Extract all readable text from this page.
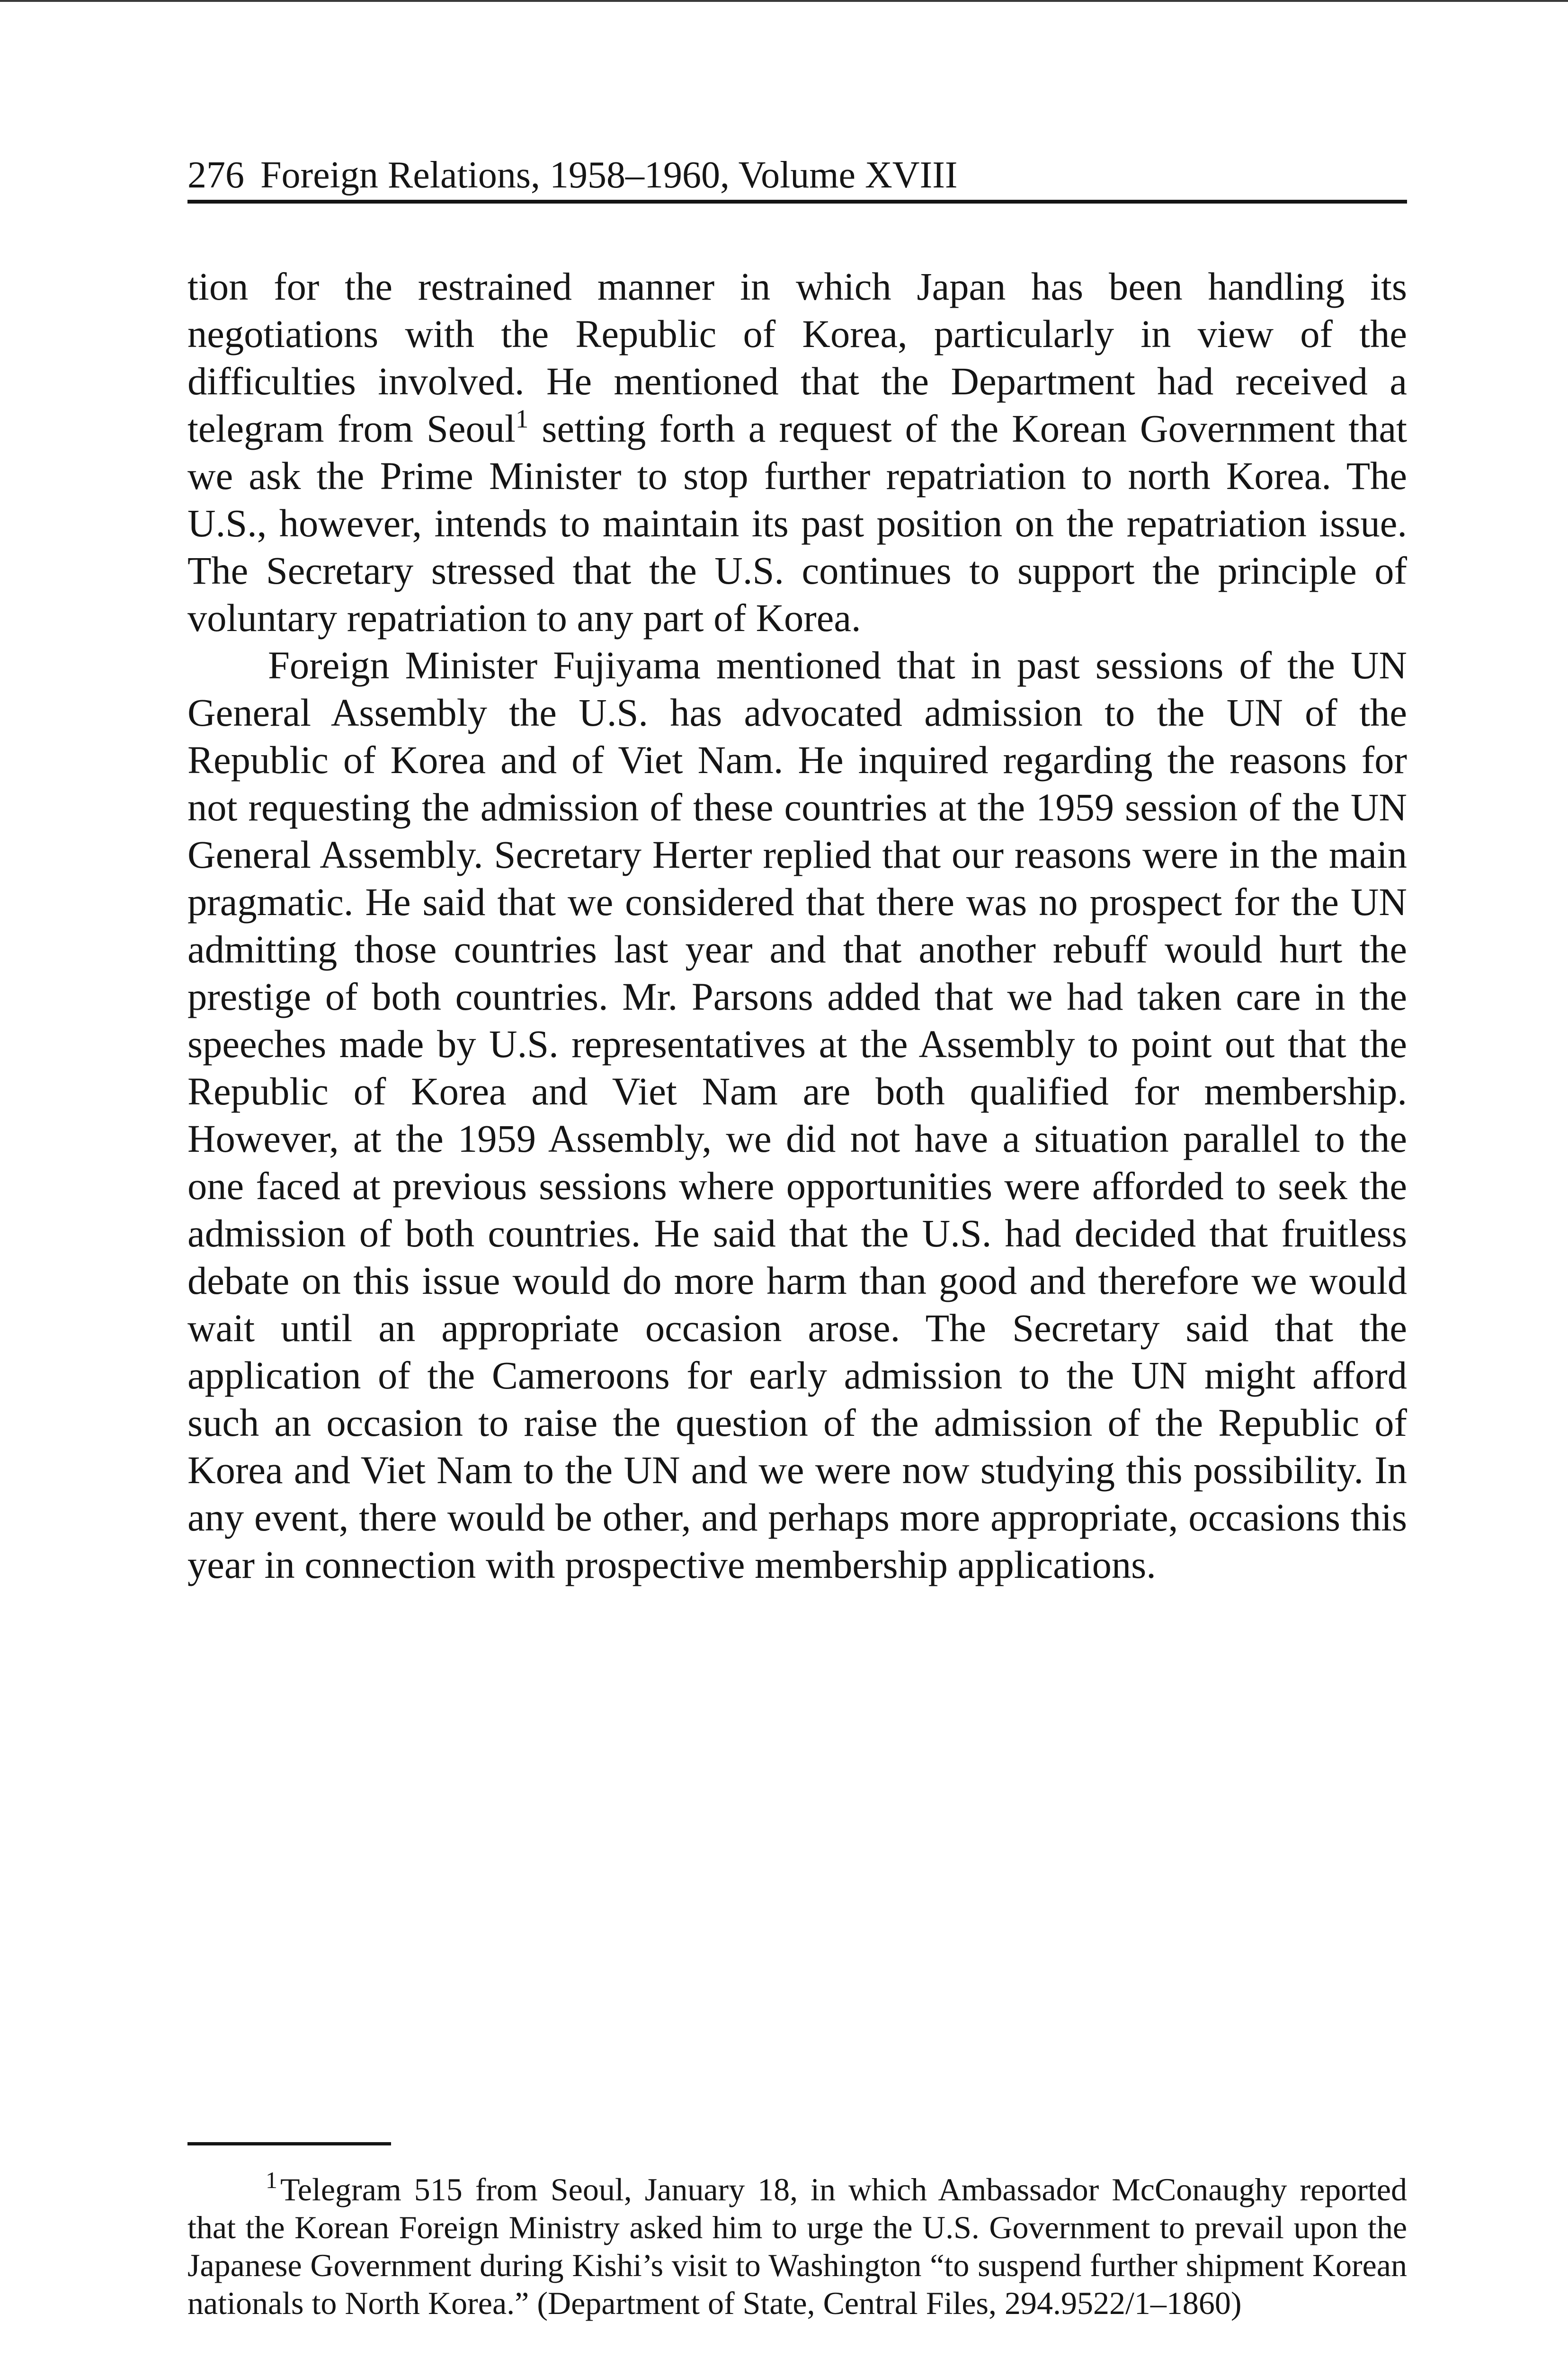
276 Foreign Relations, 1958–1960, Volume XVIII

tion for the restrained manner in which Japan has been handling its negotiations with the Republic of Korea, particularly in view of the difficulties involved. He mentioned that the Department had received a telegram from Seoul$^1$ setting forth a request of the Korean Government that we ask the Prime Minister to stop further repatriation to north Korea. The U.S., however, intends to maintain its past position on the repatriation issue. The Secretary stressed that the U.S. continues to support the principle of voluntary repatriation to any part of Korea.

Foreign Minister Fujiyama mentioned that in past sessions of the UN General Assembly the U.S. has advocated admission to the UN of the Republic of Korea and of Viet Nam. He inquired regarding the reasons for not requesting the admission of these countries at the 1959 session of the UN General Assembly. Secretary Herter replied that our reasons were in the main pragmatic. He said that we considered that there was no prospect for the UN admitting those countries last year and that another rebuff would hurt the prestige of both countries. Mr. Parsons added that we had taken care in the speeches made by U.S. representatives at the Assembly to point out that the Republic of Korea and Viet Nam are both qualified for membership. However, at the 1959 Assembly, we did not have a situation parallel to the one faced at previous sessions where opportunities were afforded to seek the admission of both countries. He said that the U.S. had decided that fruitless debate on this issue would do more harm than good and therefore we would wait until an appropriate occasion arose. The Secretary said that the application of the Cameroons for early admission to the UN might afford such an occasion to raise the question of the admission of the Republic of Korea and Viet Nam to the UN and we were now studying this possibility. In any event, there would be other, and perhaps more appropriate, occasions this year in connection with prospective membership applications.

$^1$Telegram 515 from Seoul, January 18, in which Ambassador McConaughy reported that the Korean Foreign Ministry asked him to urge the U.S. Government to prevail upon the Japanese Government during Kishi’s visit to Washington “to suspend further shipment Korean nationals to North Korea.” (Department of State, Central Files, 294.9522/1–1860)
